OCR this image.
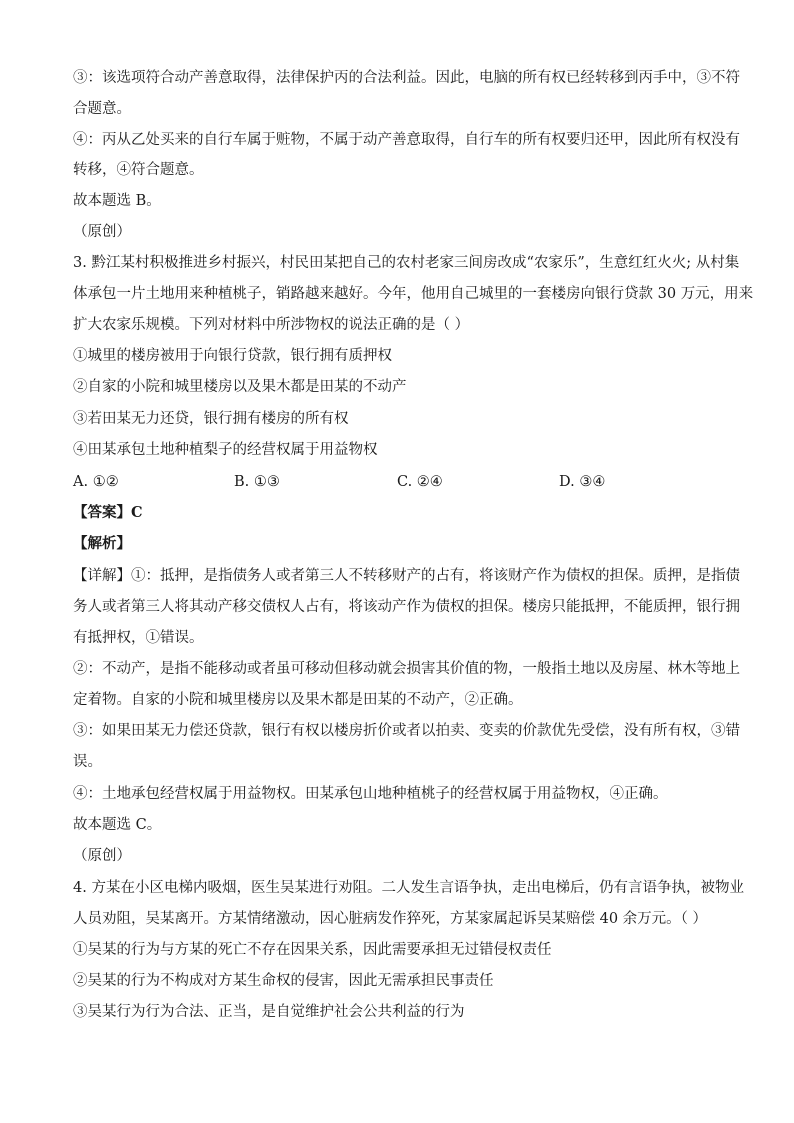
③：该选项符合动产善意取得，法律保护丙的合法利益。因此，电脑的所有权已经转移到丙手中，③不符
合题意。
④：丙从乙处买来的自行车属于赃物，不属于动产善意取得，自行车的所有权要归还甲，因此所有权没有
转移，④符合题意。
故本题选 B。
（原创）
3. 黔江某村积极推进乡村振兴，村民田某把自己的农村老家三间房改成“农家乐”，生意红红火火; 从村集
体承包一片土地用来种植桃子，销路越来越好。今年，他用自己城里的一套楼房向银行贷款 30 万元，用来
扩大农家乐规模。下列对材料中所涉物权的说法正确的是（ ）
①城里的楼房被用于向银行贷款，银行拥有质押权
②自家的小院和城里楼房以及果木都是田某的不动产
③若田某无力还贷，银行拥有楼房的所有权
④田某承包土地种植梨子的经营权属于用益物权
A. ①②	B. ①③	C. ②④	D. ③④
【答案】C
【解析】
【详解】①：抵押，是指债务人或者第三人不转移财产的占有，将该财产作为债权的担保。质押，是指债
务人或者第三人将其动产移交债权人占有，将该动产作为债权的担保。楼房只能抵押，不能质押，银行拥
有抵押权，①错误。
②：不动产，是指不能移动或者虽可移动但移动就会损害其价值的物，一般指土地以及房屋、林木等地上
定着物。自家的小院和城里楼房以及果木都是田某的不动产，②正确。
③：如果田某无力偿还贷款，银行有权以楼房折价或者以拍卖、变卖的价款优先受偿，没有所有权，③错
误。
④：土地承包经营权属于用益物权。田某承包山地种植桃子的经营权属于用益物权，④正确。
故本题选 C。
（原创）
4. 方某在小区电梯内吸烟，医生吴某进行劝阻。二人发生言语争执，走出电梯后，仍有言语争执，被物业
人员劝阻，吴某离开。方某情绪激动，因心脏病发作猝死，方某家属起诉吴某赔偿 40 余万元。（ ）
①吴某的行为与方某的死亡不存在因果关系，因此需要承担无过错侵权责任
②吴某的行为不构成对方某生命权的侵害，因此无需承担民事责任
③吴某行为行为合法、正当，是自觉维护社会公共利益的行为
